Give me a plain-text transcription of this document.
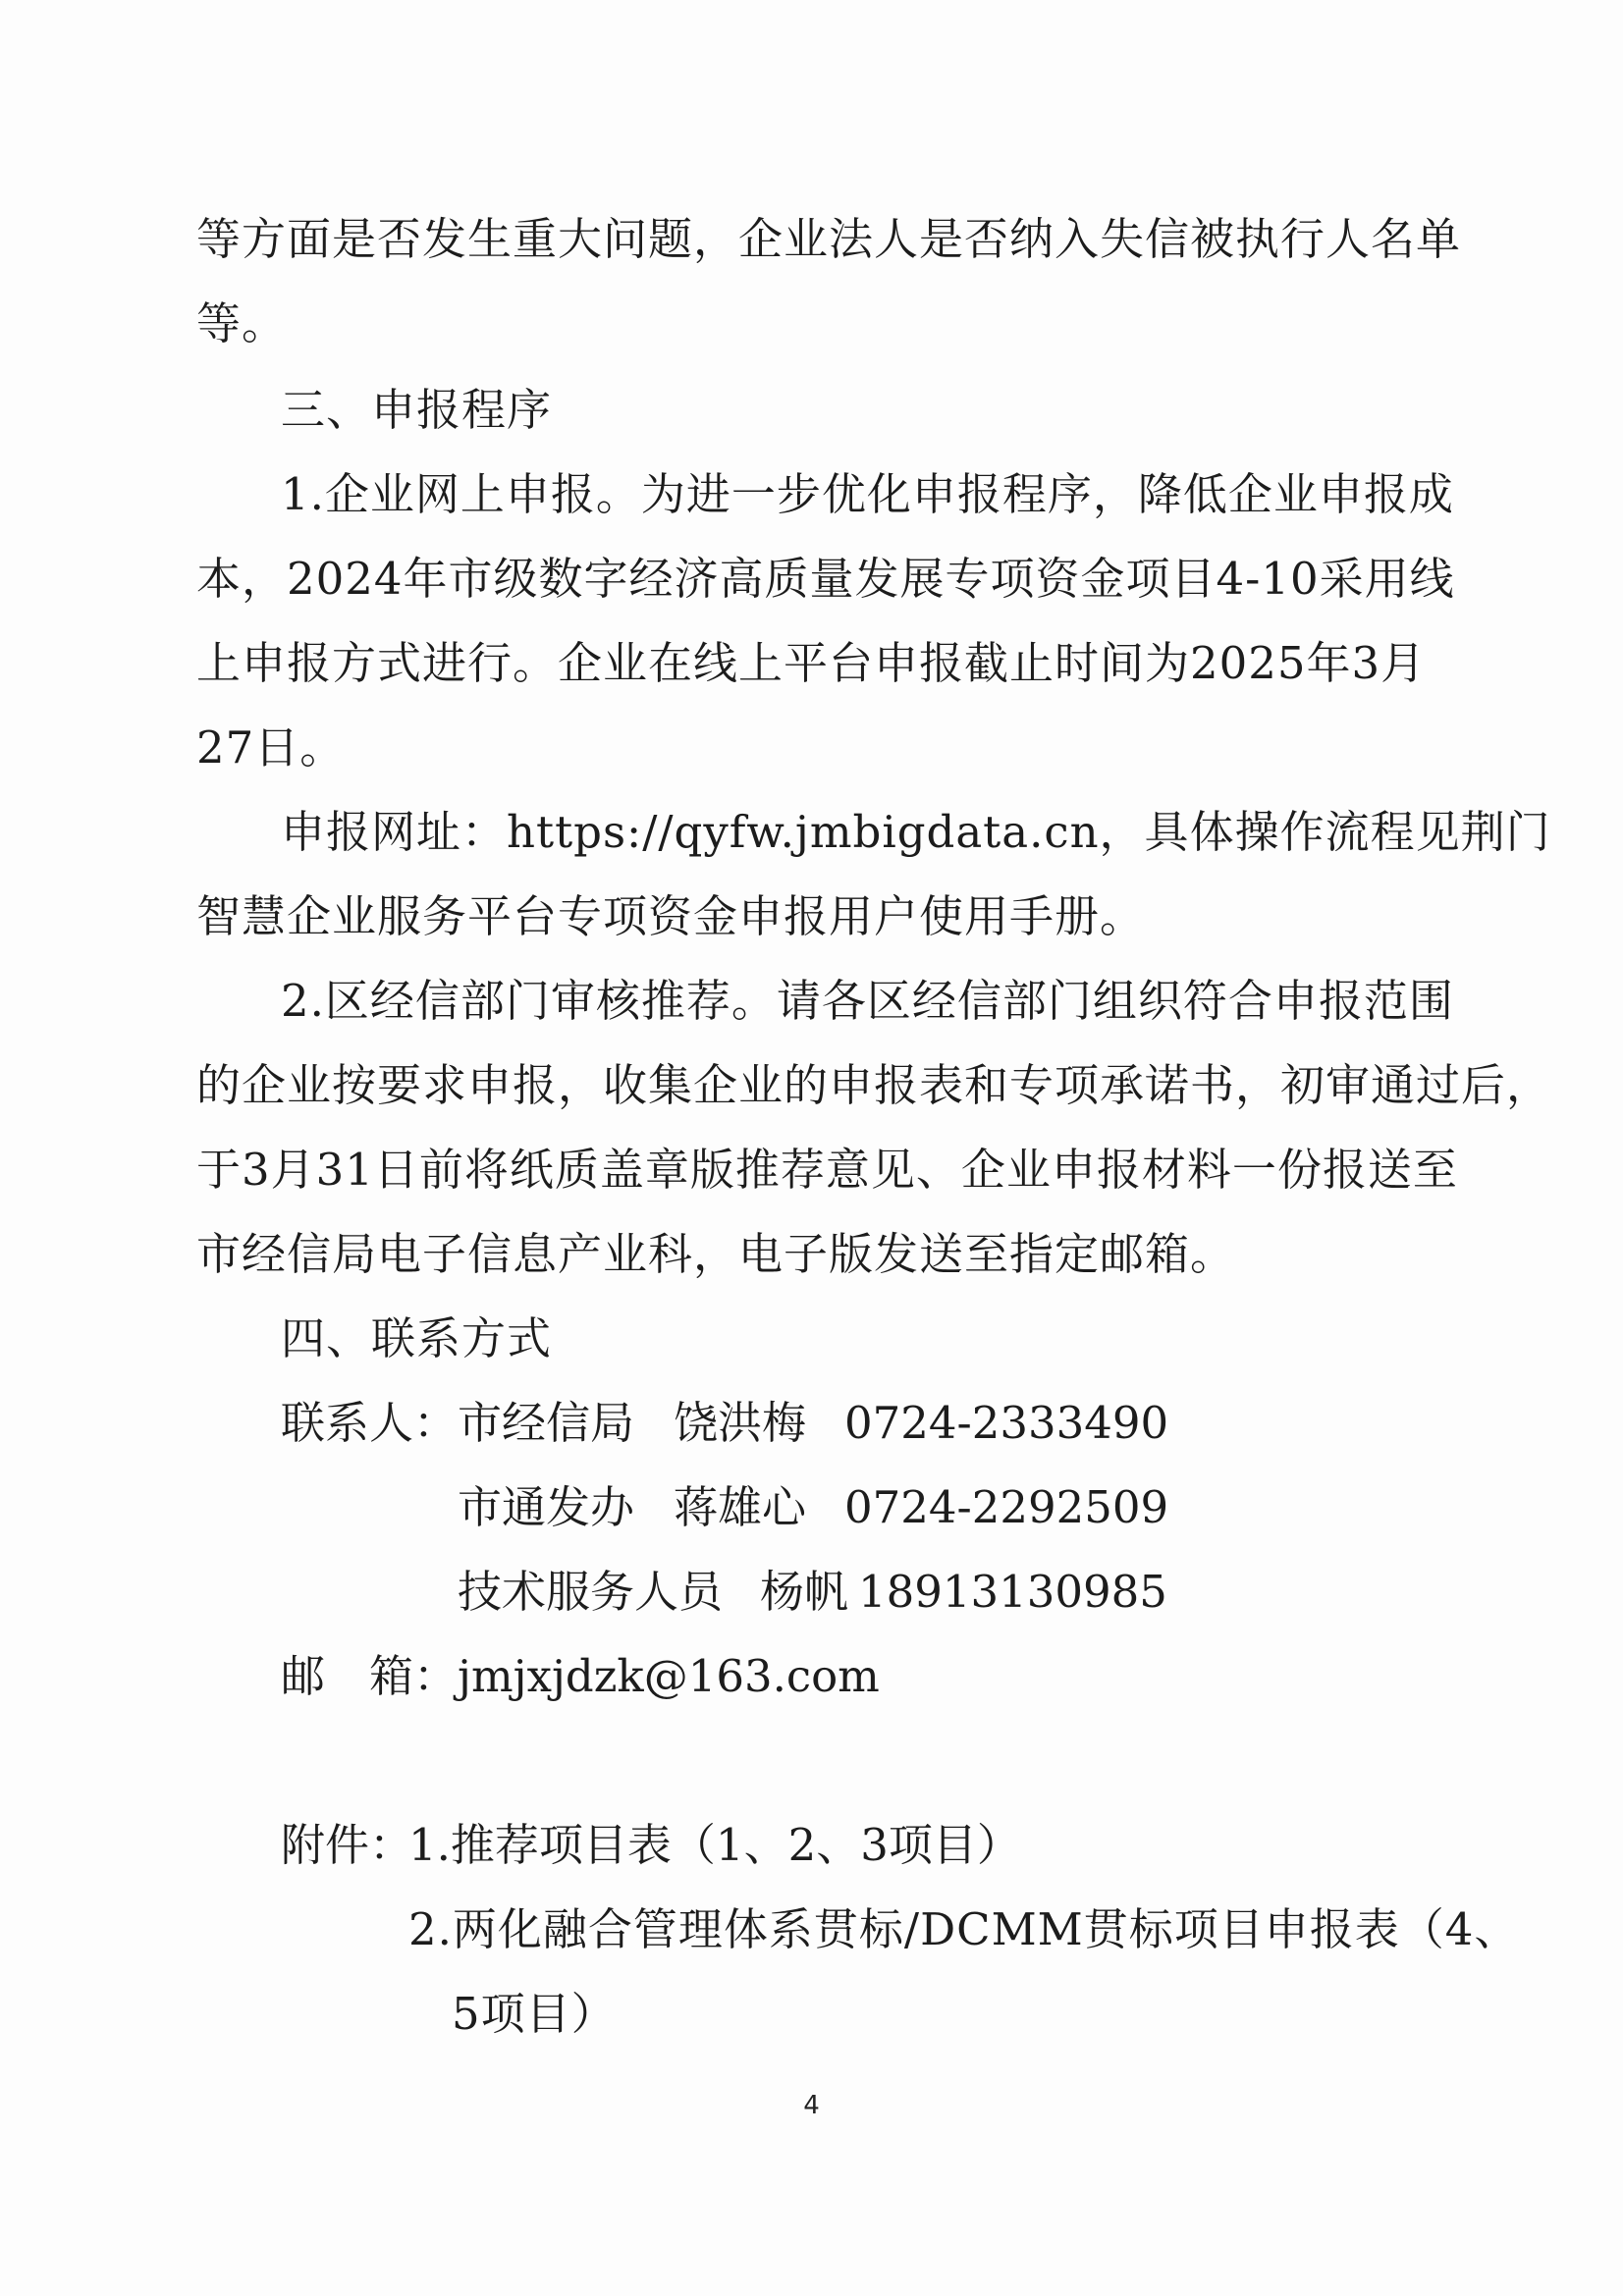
等方面是否发生重大问题，企业法人是否纳入失信被执行人名单
等。
三、申报程序
1.企业网上申报。为进一步优化申报程序，降低企业申报成
本，2024年市级数字经济高质量发展专项资金项目4-10采用线
上申报方式进行。企业在线上平台申报截止时间为2025年3月
27日。
申报网址：https://qyfw.jmbigdata.cn，具体操作流程见荆门
智慧企业服务平台专项资金申报用户使用手册。
2.区经信部门审核推荐。请各区经信部门组织符合申报范围
的企业按要求申报，收集企业的申报表和专项承诺书，初审通过后，
于3月31日前将纸质盖章版推荐意见、企业申报材料一份报送至
市经信局电子信息产业科，电子版发送至指定邮箱。
四、联系方式
联系人： 市经信局 饶洪梅 0724-2333490
市通发办 蒋雄心 0724-2292509
技术服务人员 杨帆 18913130985
邮　箱： jmjxjdzk@163.com
附件：
1.推荐项目表（1、2、3项目）
2.两化融合管理体系贯标/DCMM贯标项目申报表（4、
5项目）
4
